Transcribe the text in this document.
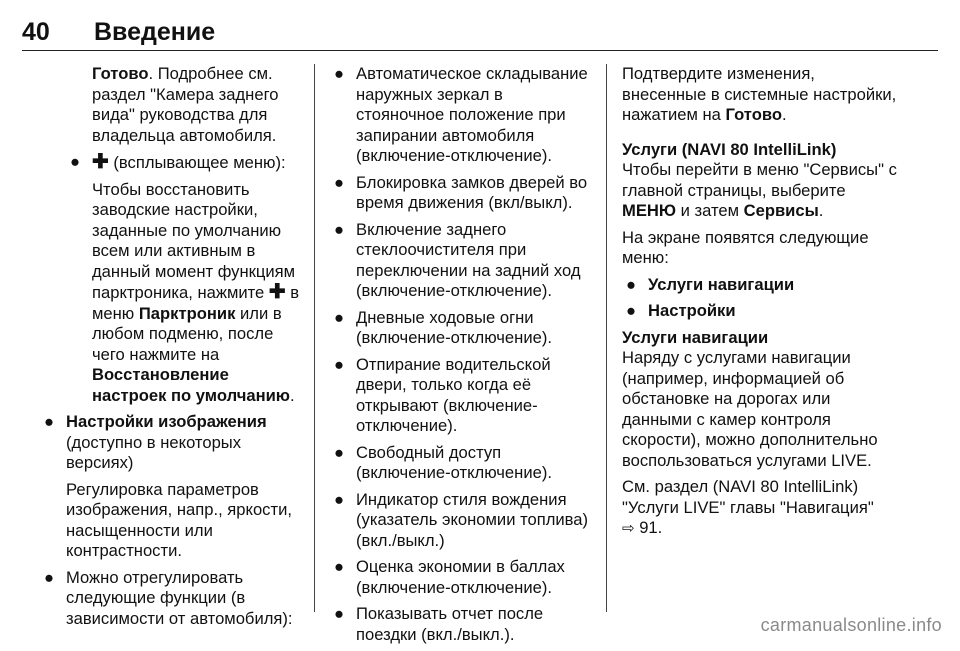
40 Введение

Готово. Подробнее см. раздел "Камера заднего вида" руководства для владельца автомобиля.

● ✚ (всплывающее меню):

Чтобы восстановить заводские настройки, заданные по умолчанию всем или активным в данный момент функциям парктроника, нажмите ✚ в меню Парктроник или в любом подменю, после чего нажмите на Восстановление настроек по умолчанию.

● Настройки изображения
(доступно в некоторых версиях)

Регулировка параметров изображения, напр., яркости, насыщенности или контрастности.

● Можно отрегулировать следующие функции (в зависимости от автомобиля):

● Автоматическое складывание наружных зеркал в стояночное положение при запирании автомобиля (включение-отключение).

● Блокировка замков дверей во время движения (вкл/выкл).

● Включение заднего стеклоочистителя при переключении на задний ход (включение-отключение).

● Дневные ходовые огни (включение-отключение).

● Отпирание водительской двери, только когда её открывают (включение-отключение).

● Свободный доступ (включение-отключение).

● Индикатор стиля вождения (указатель экономии топлива) (вкл./выкл.)

● Оценка экономии в баллах (включение-отключение).

● Показывать отчет после поездки (вкл./выкл.).

Подтвердите изменения, внесенные в системные настройки, нажатием на Готово.

Услуги (NAVI 80 IntelliLink)

Чтобы перейти в меню "Сервисы" с главной страницы, выберите МЕНЮ и затем Сервисы.

На экране появятся следующие меню:

● Услуги навигации

● Настройки

Услуги навигации

Наряду с услугами навигации (например, информацией об обстановке на дорогах или данными с камер контроля скорости), можно дополнительно воспользоваться услугами LIVE.

См. раздел (NAVI 80 IntelliLink) "Услуги LIVE" главы "Навигация"
⇨ 91.

carmanualsonline.info
